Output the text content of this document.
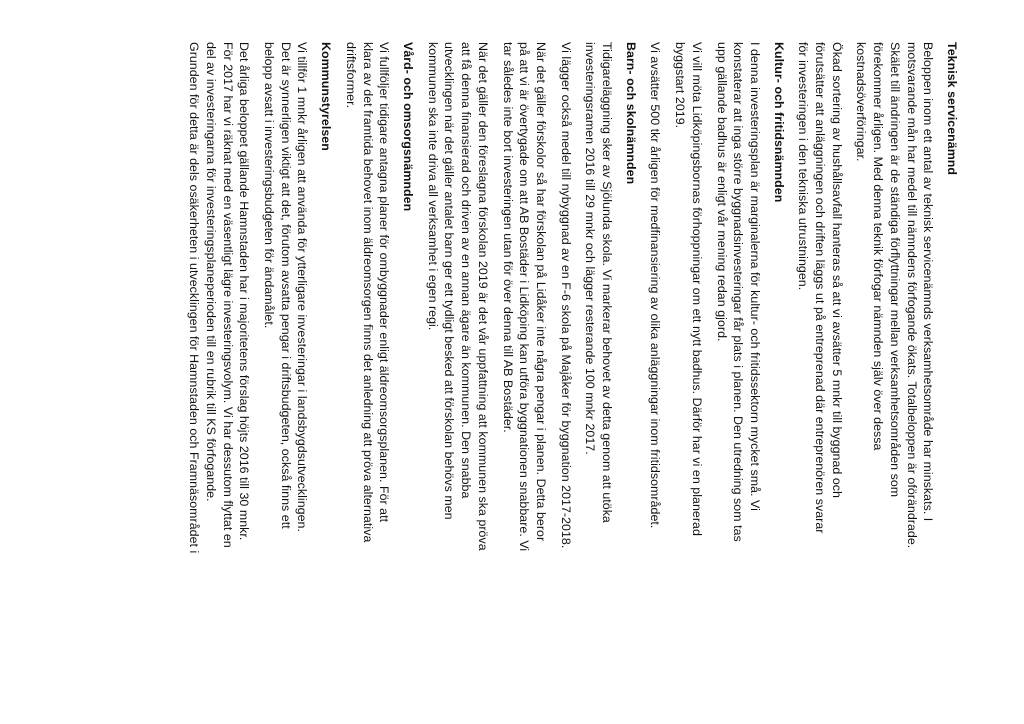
Teknisk servicenämnd
Beloppen inom ett antal av teknisk servicenämnds verksamhetsområde har minskats. I
motsvarande mån har medel till nämndens förfogande ökats. Totalbeloppen är oförändrade.
Skälet till ändringen är de ständiga förflyttningar mellan verksamhetsområden som
förekommer årligen. Med denna teknik förfogar nämnden själv över dessa
kostnadsöverföringar.
Ökad sortering av hushållsavfall hanteras så att vi avsätter 5 mnkr till byggnad och
förutsätter att anläggningen och driften läggs ut på entreprenad där entreprenören svarar
för investeringen i den tekniska utrustningen.
Kultur- och fritidsnämnden
I denna investeringsplan är marginalerna för kultur- och fritidssektorn mycket små. Vi
konstaterar att inga större byggnadsinvesteringar får plats i planen. Den utredning som tas
upp gällande badhus är enligt vår mening redan gjord.
Vi vill möta Lidköpingsbornas förhoppningar om ett nytt badhus. Därför har vi en planerad
byggstart 2019.
Vi avsätter 500 tkr årligen för medfinansiering av olika anläggningar inom fritidsområdet.
Barn- och skolnämnden
Tidigareläggning sker av Sjölunda skola. Vi markerar behovet av detta genom att utöka
investeringsramen 2016 till 29 mnkr och lägger resterande 100 mnkr 2017.
Vi lägger också medel till nybyggnad av en F-6 skola på Majåker för byggnation 2017-2018.
När det gäller förskolor så har förskolan på Lidåker inte några pengar i planen. Detta beror
på att vi är övertygade om att AB Bostäder i Lidköping kan utföra byggnationen snabbare. Vi
tar således inte bort investeringen utan för över denna till AB Bostäder.
När det gäller den föreslagna förskolan 2019 är det vår uppfattning att kommunen ska pröva
att få denna finansierad och driven av en annan ägare än kommunen. Den snabba
utvecklingen när det gäller antalet barn ger ett tydligt besked att förskolan behövs men
kommunen ska inte driva all verksamhet i egen regi.
Vård- och omsorgsnämnden
Vi fullföljer tidigare antagna planer för ombyggnader enligt äldreomsorgsplanen. För att
klara av det framtida behovet inom äldreomsorgen finns det anledning att pröva alternativa
driftsformer.
Kommunstyrelsen
Vi tillför 1 mnkr årligen att använda för ytterligare investeringar i landsbygdsutvecklingen.
Det är synnerligen viktigt att det, förutom avsatta pengar i driftsbudgeten, också finns ett
belopp avsatt i investeringsbudgeten för ändamålet.
Det årliga beloppet gällande Hamnstaden har i majoritetens förslag höjts 2016 till 30 mnkr.
För 2017 har vi räknat med en väsentligt lägre investeringsvolym. Vi har dessutom flyttat en
del av investeringarna för investeringsplaneperioden till en rubrik till KS förfogande.
Grunden för detta är dels osäkerheten i utvecklingen för Hamnstaden och Framnäsområdet i
